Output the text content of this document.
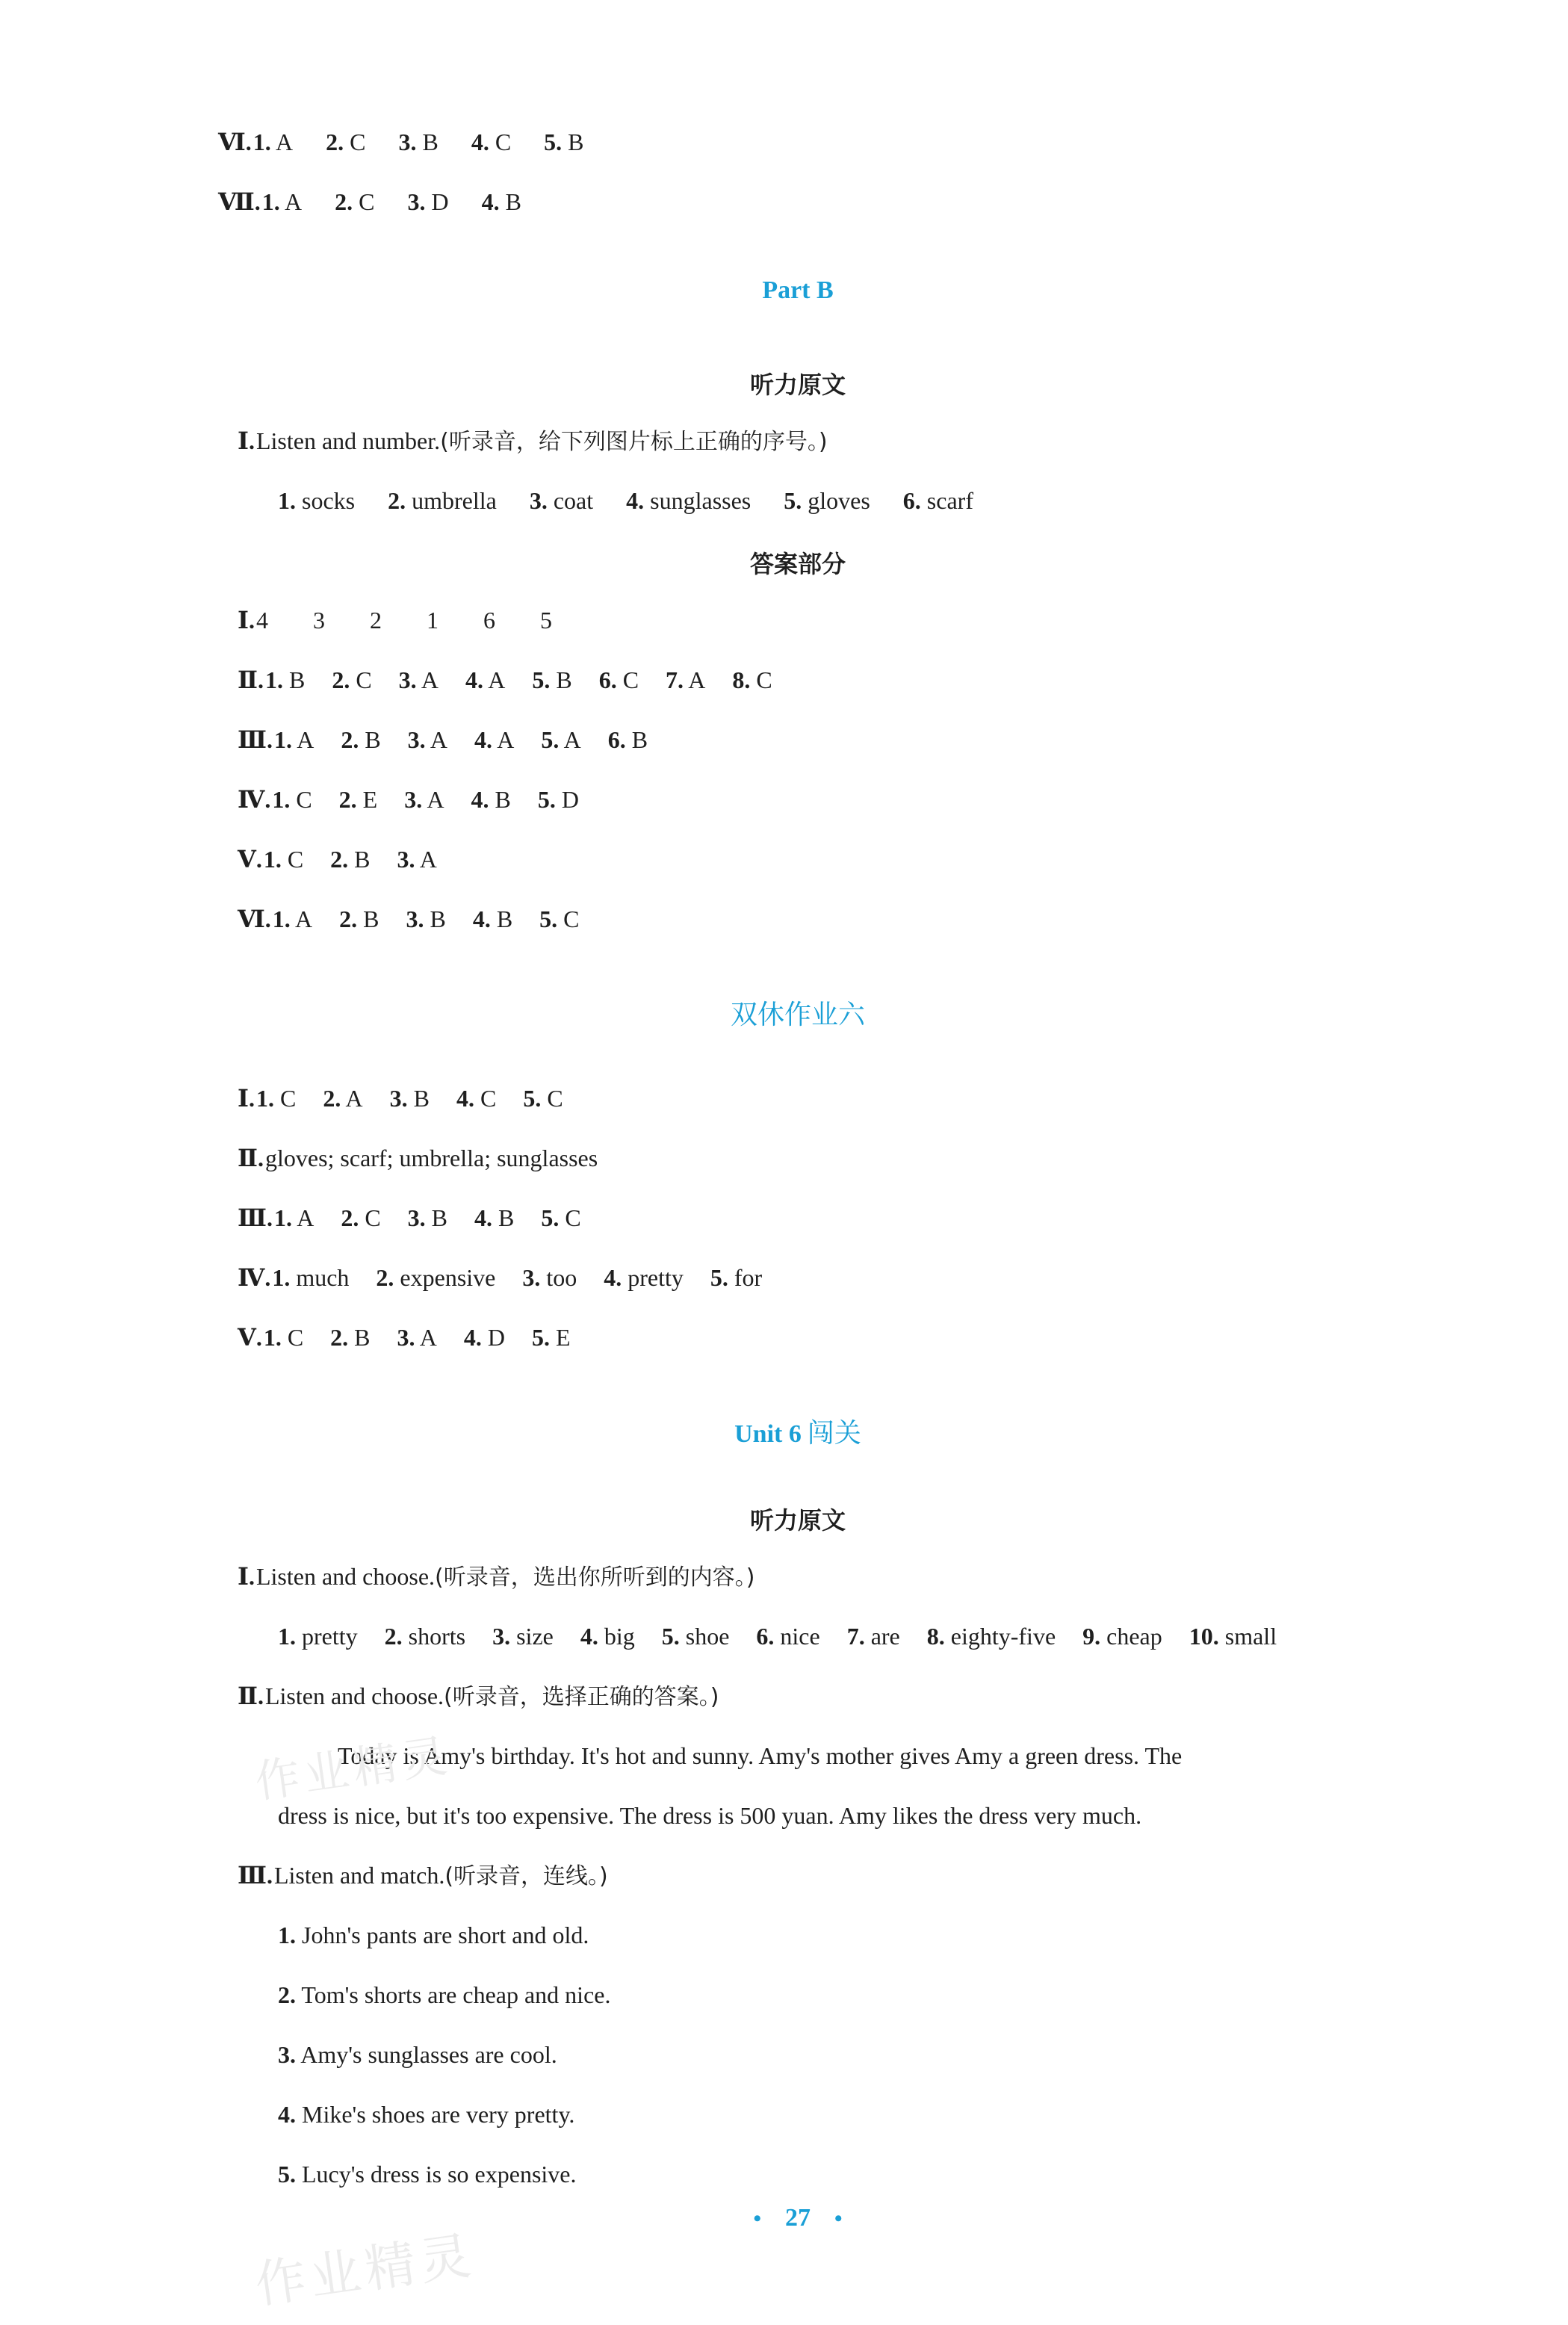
Ⅵ.1. A 2. C 3. B 4. C 5. B
Ⅶ.1. A 2. C 3. D 4. B
Part B
听力原文
Ⅰ.Listen and number.(听录音，给下列图片标上正确的序号。)
1. socks 2. umbrella 3. coat 4. sunglasses 5. gloves 6. scarf
答案部分
Ⅰ.4  3  2  1  6  5
Ⅱ.1. B 2. C 3. A 4. A 5. B 6. C 7. A 8. C
Ⅲ.1. A 2. B 3. A 4. A 5. A 6. B
Ⅳ.1. C 2. E 3. A 4. B 5. D
Ⅴ.1. C 2. B 3. A
Ⅵ.1. A 2. B 3. B 4. B 5. C
双休作业六
Ⅰ.1. C 2. A 3. B 4. C 5. C
Ⅱ.gloves; scarf; umbrella; sunglasses
Ⅲ.1. A 2. C 3. B 4. B 5. C
Ⅳ.1. much 2. expensive 3. too 4. pretty 5. for
Ⅴ.1. C 2. B 3. A 4. D 5. E
Unit 6 闯关
听力原文
Ⅰ.Listen and choose.(听录音，选出你所听到的内容。)
1. pretty 2. shorts 3. size 4. big 5. shoe 6. nice 7. are 8. eighty-five 9. cheap 10. small
Ⅱ.Listen and choose.(听录音，选择正确的答案。)
Today is Amy's birthday. It's hot and sunny. Amy's mother gives Amy a green dress. The
dress is nice, but it's too expensive. The dress is 500 yuan. Amy likes the dress very much.
Ⅲ.Listen and match.(听录音，连线。)
1. John's pants are short and old.
2. Tom's shorts are cheap and nice.
3. Amy's sunglasses are cool.
4. Mike's shoes are very pretty.
5. Lucy's dress is so expensive.
• 27 •
作业精灵
作业精灵
